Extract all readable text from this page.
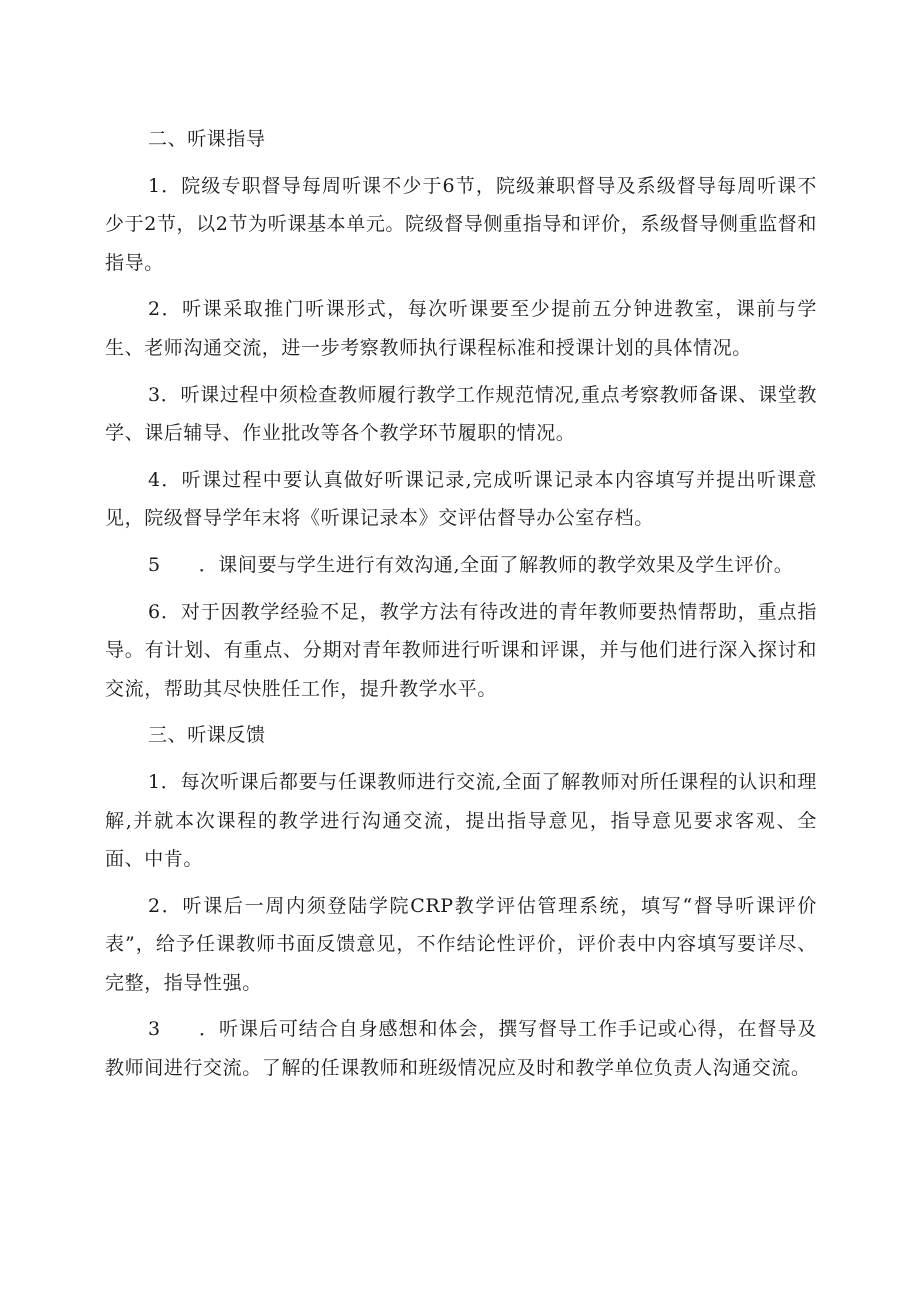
二、听课指导

1．院级专职督导每周听课不少于6节，院级兼职督导及系级督导每周听课不少于2节，以2节为听课基本单元。院级督导侧重指导和评价，系级督导侧重监督和指导。

2．听课采取推门听课形式，每次听课要至少提前五分钟进教室，课前与学生、老师沟通交流，进一步考察教师执行课程标准和授课计划的具体情况。

3．听课过程中须检查教师履行教学工作规范情况,重点考察教师备课、课堂教学、课后辅导、作业批改等各个教学环节履职的情况。

4．听课过程中要认真做好听课记录,完成听课记录本内容填写并提出听课意见，院级督导学年末将《听课记录本》交评估督导办公室存档。

5 ．课间要与学生进行有效沟通,全面了解教师的教学效果及学生评价。

6．对于因教学经验不足，教学方法有待改进的青年教师要热情帮助，重点指导。有计划、有重点、分期对青年教师进行听课和评课，并与他们进行深入探讨和交流，帮助其尽快胜任工作，提升教学水平。

三、听课反馈

1．每次听课后都要与任课教师进行交流,全面了解教师对所任课程的认识和理解,并就本次课程的教学进行沟通交流，提出指导意见，指导意见要求客观、全面、中肯。

2．听课后一周内须登陆学院CRP教学评估管理系统，填写“督导听课评价表”，给予任课教师书面反馈意见，不作结论性评价，评价表中内容填写要详尽、完整，指导性强。

3 ．听课后可结合自身感想和体会，撰写督导工作手记或心得，在督导及教师间进行交流。了解的任课教师和班级情况应及时和教学单位负责人沟通交流。
